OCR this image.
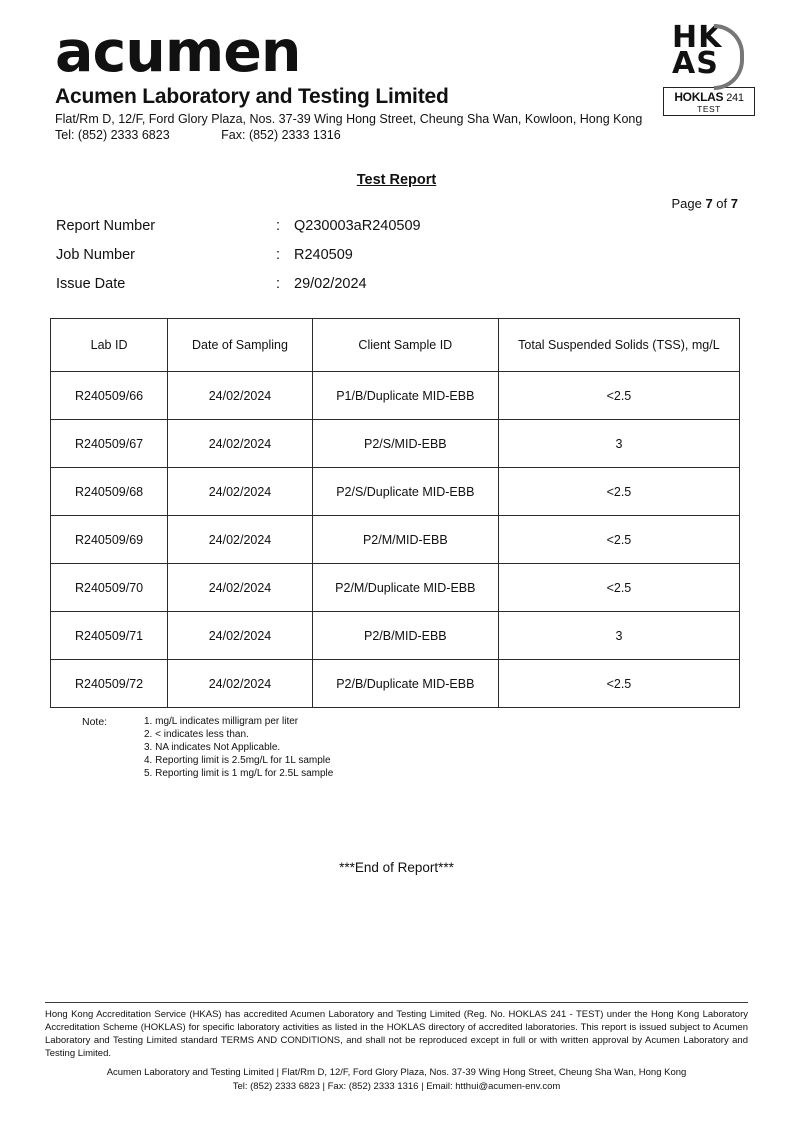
acumen
Acumen Laboratory and Testing Limited
Flat/Rm D, 12/F, Ford Glory Plaza, Nos. 37-39 Wing Hong Street, Cheung Sha Wan, Kowloon, Hong Kong
Tel: (852) 2333 6823	Fax: (852) 2333 1316
HK
AS
HOKLAS 241
TEST
Test Report
Page 7 of 7
Report Number	: Q230003aR240509
Job Number	: R240509
Issue Date	: 29/02/2024
Lab ID	Date of Sampling	Client Sample ID	Total Suspended Solids (TSS), mg/L
R240509/66	24/02/2024	P1/B/Duplicate MID-EBB	<2.5
R240509/67	24/02/2024	P2/S/MID-EBB	3
R240509/68	24/02/2024	P2/S/Duplicate MID-EBB	<2.5
R240509/69	24/02/2024	P2/M/MID-EBB	<2.5
R240509/70	24/02/2024	P2/M/Duplicate MID-EBB	<2.5
R240509/71	24/02/2024	P2/B/MID-EBB	3
R240509/72	24/02/2024	P2/B/Duplicate MID-EBB	<2.5
Note:	1. mg/L indicates milligram per liter
2. < indicates less than.
3. NA indicates Not Applicable.
4. Reporting limit is 2.5mg/L for 1L sample
5. Reporting limit is 1 mg/L for 2.5L sample
***End of Report***
Hong Kong Accreditation Service (HKAS) has accredited Acumen Laboratory and Testing Limited (Reg. No. HOKLAS 241 - TEST) under the Hong Kong Laboratory Accreditation Scheme (HOKLAS) for specific laboratory activities as listed in the HOKLAS directory of accredited laboratories. This report is issued subject to Acumen Laboratory and Testing Limited standard TERMS AND CONDITIONS, and shall not be reproduced except in full or with written approval by Acumen Laboratory and Testing Limited.
Acumen Laboratory and Testing Limited | Flat/Rm D, 12/F, Ford Glory Plaza, Nos. 37-39 Wing Hong Street, Cheung Sha Wan, Hong Kong
Tel: (852) 2333 6823 | Fax: (852) 2333 1316 | Email: htthui@acumen-env.com
